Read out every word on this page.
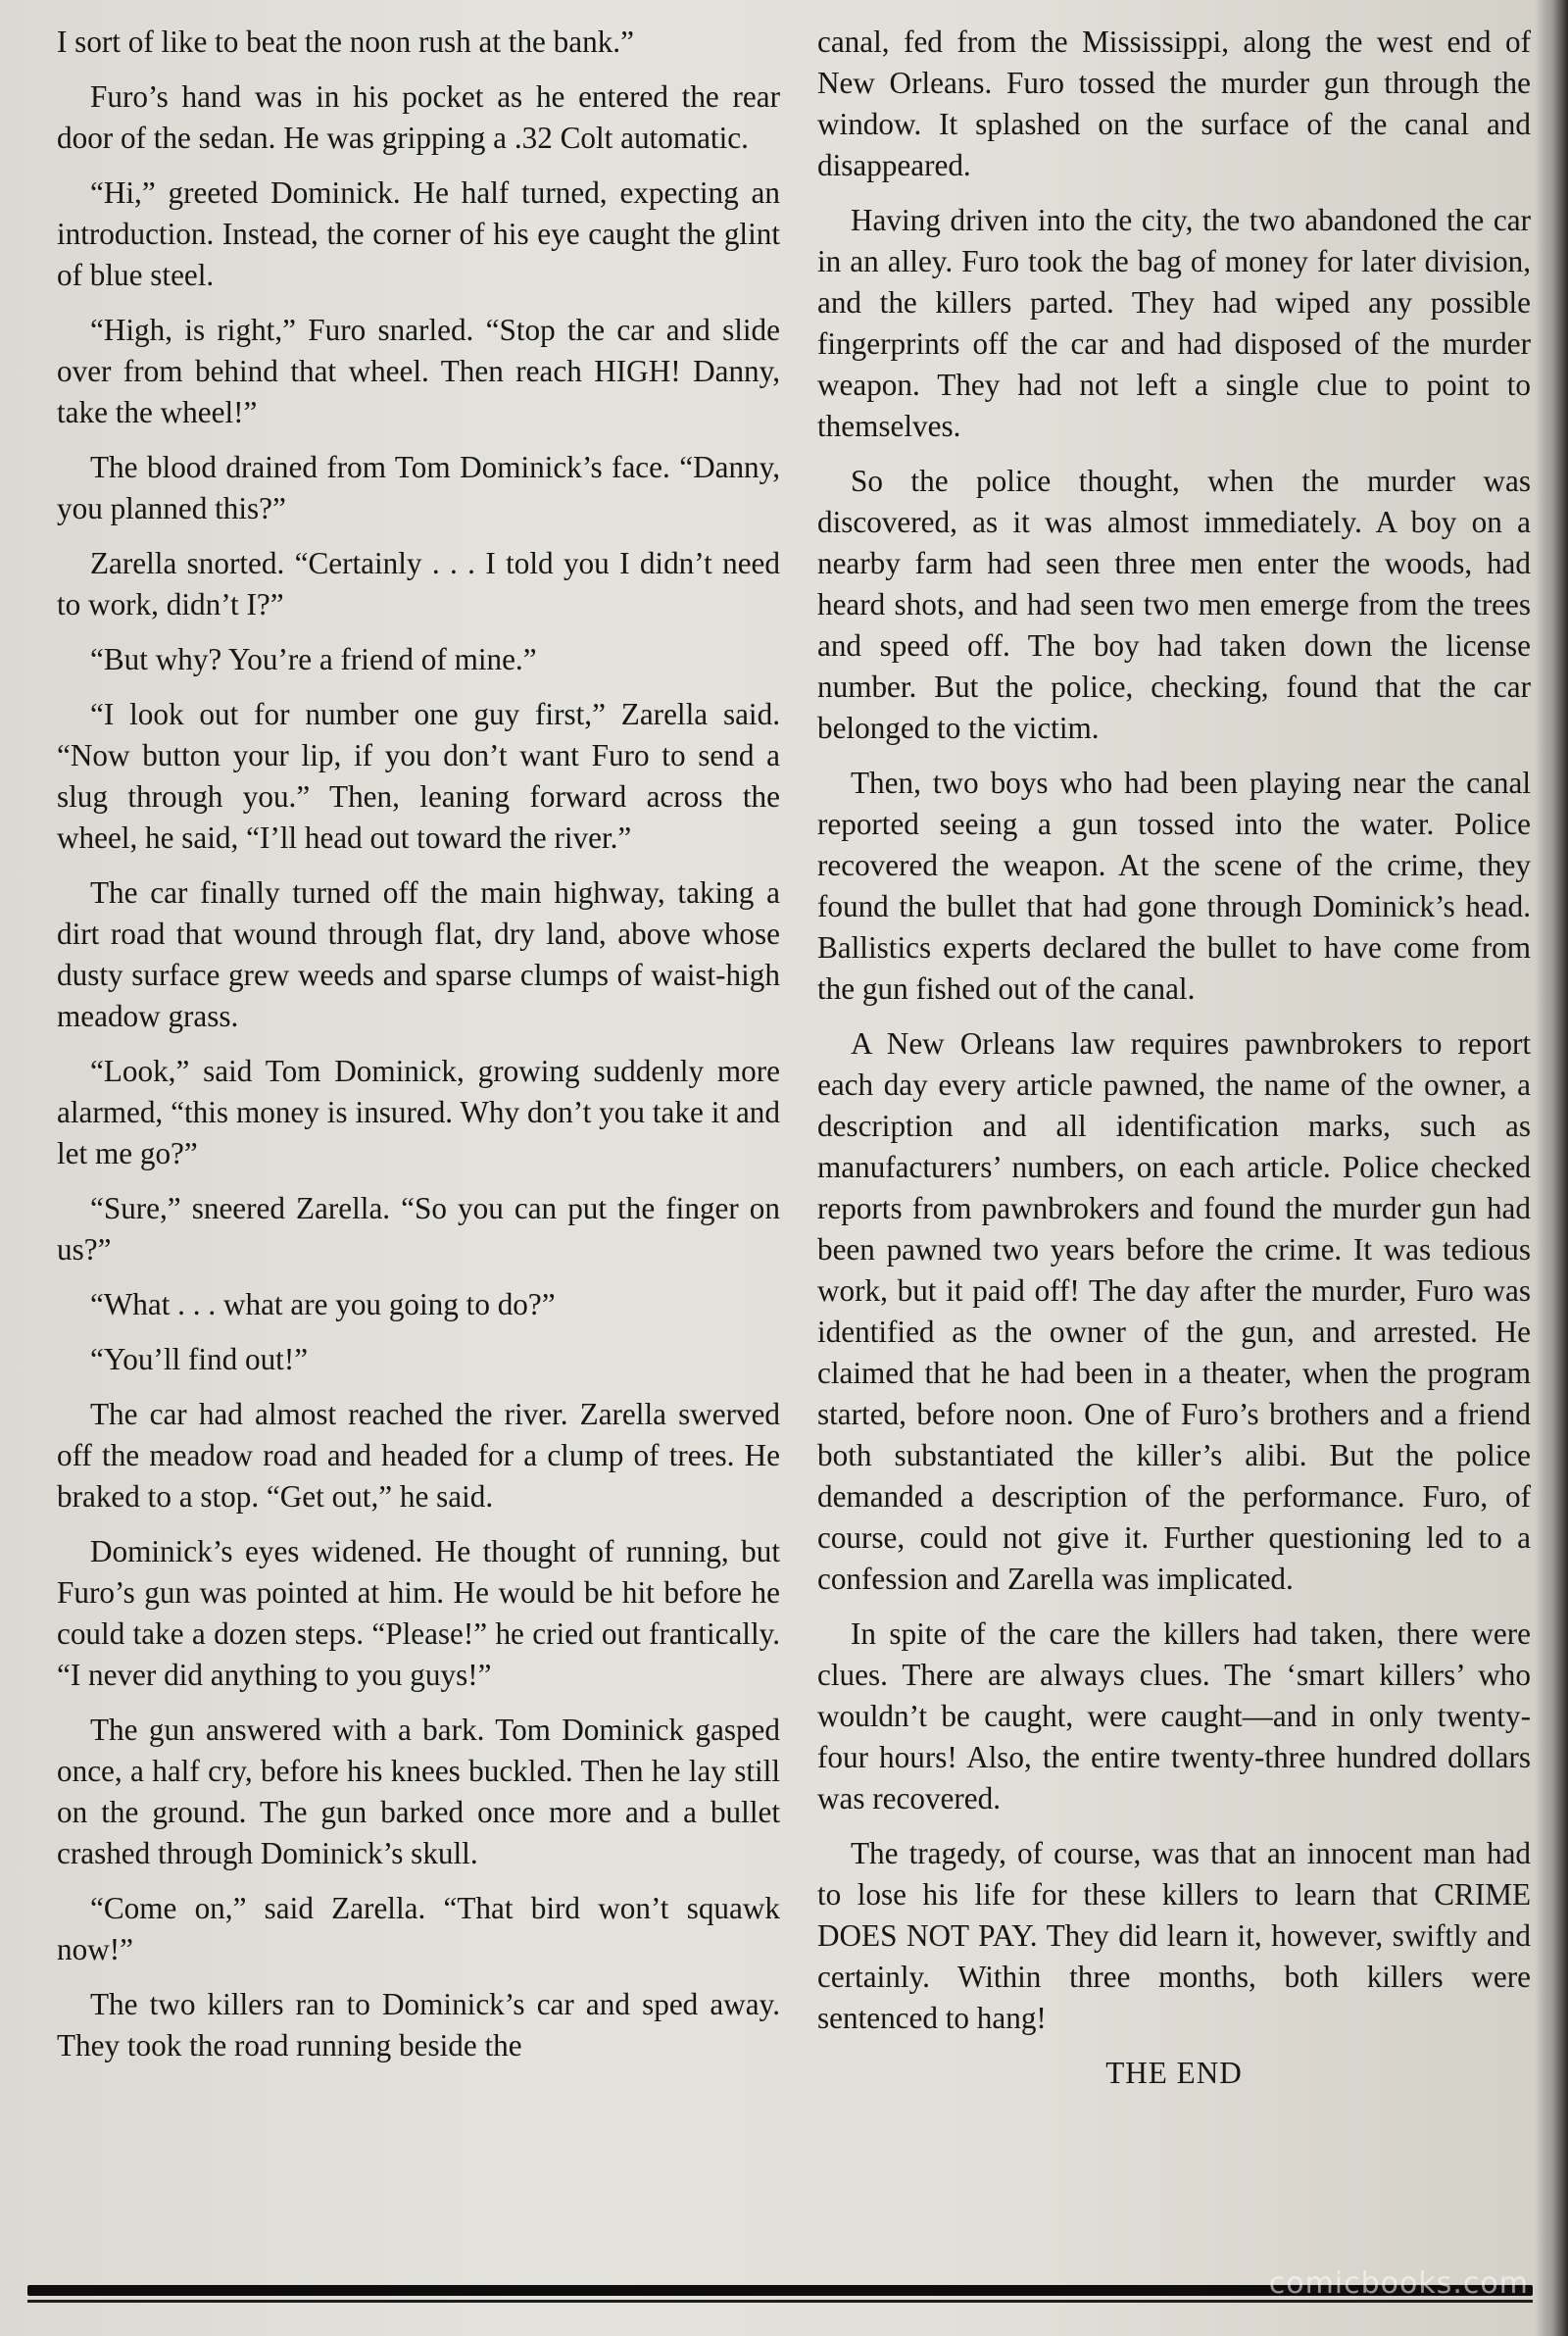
I sort of like to beat the noon rush at the bank.”

Furo’s hand was in his pocket as he entered the rear door of the sedan. He was gripping a .32 Colt automatic.

“Hi,” greeted Dominick. He half turned, expecting an introduction. Instead, the corner of his eye caught the glint of blue steel.

“High, is right,” Furo snarled. “Stop the car and slide over from behind that wheel. Then reach HIGH! Danny, take the wheel!”

The blood drained from Tom Dominick’s face. “Danny, you planned this?”

Zarella snorted. “Certainly . . . I told you I didn’t need to work, didn’t I?”

“But why? You’re a friend of mine.”

“I look out for number one guy first,” Zarella said. “Now button your lip, if you don’t want Furo to send a slug through you.” Then, leaning forward across the wheel, he said, “I’ll head out toward the river.”

The car finally turned off the main highway, taking a dirt road that wound through flat, dry land, above whose dusty surface grew weeds and sparse clumps of waist-high meadow grass.

“Look,” said Tom Dominick, growing suddenly more alarmed, “this money is insured. Why don’t you take it and let me go?”

“Sure,” sneered Zarella. “So you can put the finger on us?”

“What . . . what are you going to do?”

“You’ll find out!”

The car had almost reached the river. Zarella swerved off the meadow road and headed for a clump of trees. He braked to a stop. “Get out,” he said.

Dominick’s eyes widened. He thought of running, but Furo’s gun was pointed at him. He would be hit before he could take a dozen steps. “Please!” he cried out frantically. “I never did anything to you guys!”

The gun answered with a bark. Tom Dominick gasped once, a half cry, before his knees buckled. Then he lay still on the ground. The gun barked once more and a bullet crashed through Dominick’s skull.

“Come on,” said Zarella. “That bird won’t squawk now!”

The two killers ran to Dominick’s car and sped away. They took the road running beside the

canal, fed from the Mississippi, along the west end of New Orleans. Furo tossed the murder gun through the window. It splashed on the surface of the canal and disappeared.

Having driven into the city, the two abandoned the car in an alley. Furo took the bag of money for later division, and the killers parted. They had wiped any possible fingerprints off the car and had disposed of the murder weapon. They had not left a single clue to point to themselves.

So the police thought, when the murder was discovered, as it was almost immediately. A boy on a nearby farm had seen three men enter the woods, had heard shots, and had seen two men emerge from the trees and speed off. The boy had taken down the license number. But the police, checking, found that the car belonged to the victim.

Then, two boys who had been playing near the canal reported seeing a gun tossed into the water. Police recovered the weapon. At the scene of the crime, they found the bullet that had gone through Dominick’s head. Ballistics experts declared the bullet to have come from the gun fished out of the canal.

A New Orleans law requires pawnbrokers to report each day every article pawned, the name of the owner, a description and all identification marks, such as manufacturers’ numbers, on each article. Police checked reports from pawnbrokers and found the murder gun had been pawned two years before the crime. It was tedious work, but it paid off! The day after the murder, Furo was identified as the owner of the gun, and arrested. He claimed that he had been in a theater, when the program started, before noon. One of Furo’s brothers and a friend both substantiated the killer’s alibi. But the police demanded a description of the performance. Furo, of course, could not give it. Further questioning led to a confession and Zarella was implicated.

In spite of the care the killers had taken, there were clues. There are always clues. The ‘smart killers’ who wouldn’t be caught, were caught—and in only twenty-four hours! Also, the entire twenty-three hundred dollars was recovered.

The tragedy, of course, was that an innocent man had to lose his life for these killers to learn that CRIME DOES NOT PAY. They did learn it, however, swiftly and certainly. Within three months, both killers were sentenced to hang!

THE END

comicbooks.com
